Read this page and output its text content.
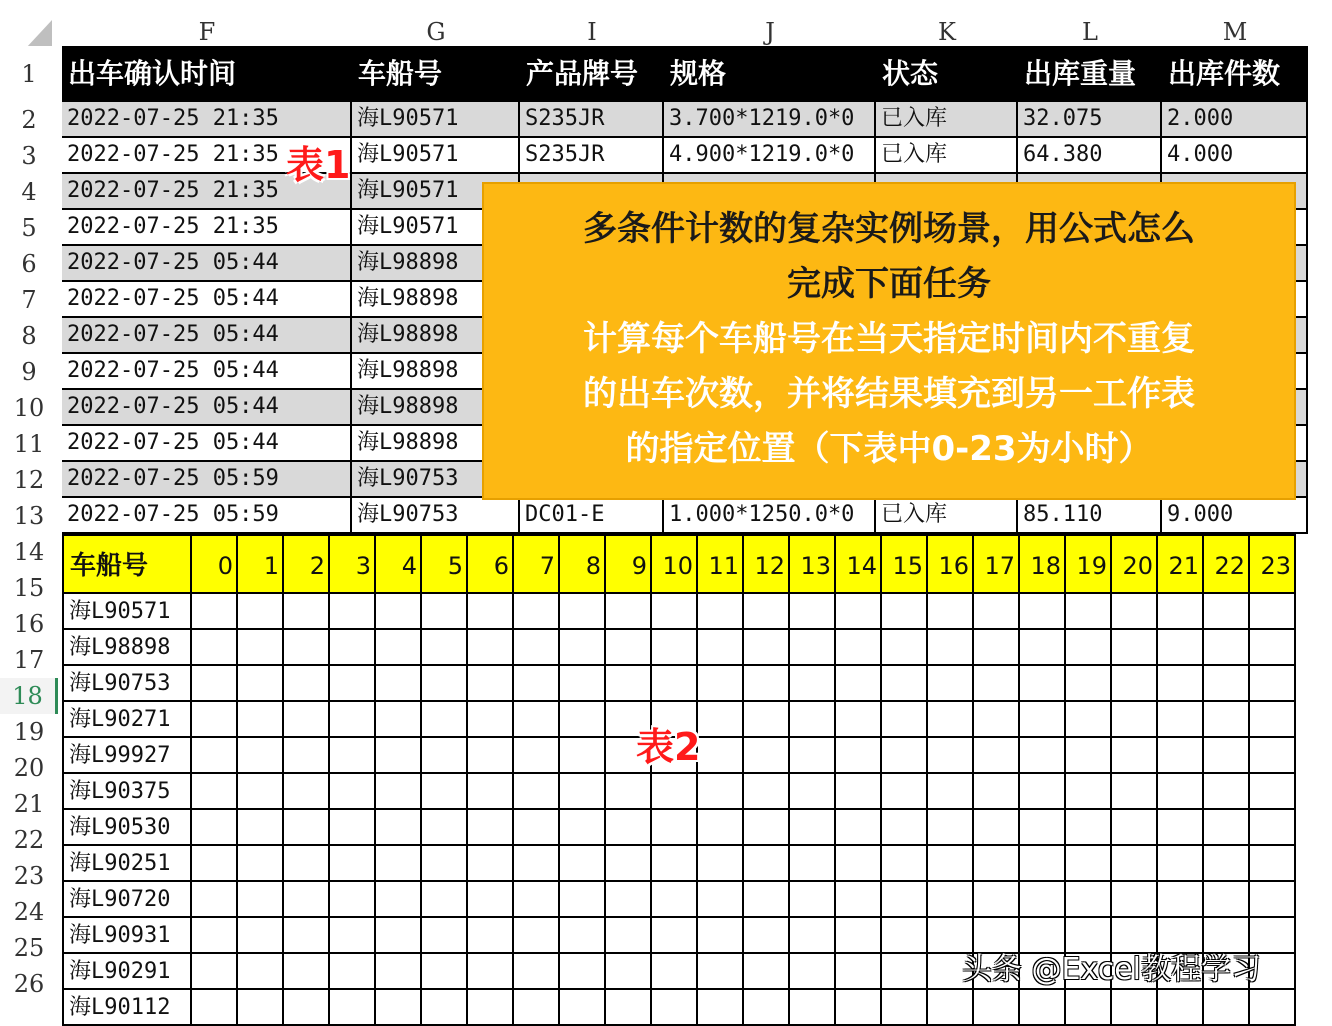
F	G	I	J	K	L	M
1
2
3
4
5
6
7
8
9
10
11
12
13
14
15
16
17
18
19
20
21
22
23
24
25
26
出车确认时间	车船号	产品牌号	规格	状态	出库重量	出库件数
2022-07-25 21:35	海L90571	S235JR	3.700*1219.0*0	已入库	32.075	2.000
2022-07-25 21:35	海L90571	S235JR	4.900*1219.0*0	已入库	64.380	4.000
2022-07-25 21:35	海L90571
2022-07-25 21:35	海L90571
2022-07-25 05:44	海L98898
2022-07-25 05:44	海L98898
2022-07-25 05:44	海L98898
2022-07-25 05:44	海L98898
2022-07-25 05:44	海L98898
2022-07-25 05:44	海L98898
2022-07-25 05:59	海L90753
2022-07-25 05:59	海L90753	DC01-E	1.000*1250.0*0	已入库	85.110	9.000
车船号	0	1	2	3	4	5	6	7	8	9 10 11 12 13 14 15 16 17 18 19 20 21 22 23
海L90571
海L98898
海L90753
海L90271
海L99927
海L90375
海L90530
海L90251
海L90720
海L90931
海L90291
海L90112
表1
表2
多条件计数的复杂实例场景，用公式怎么
完成下面任务
计算每个车船号在当天指定时间内不重复
的出车次数，并将结果填充到另一工作表
的指定位置（下表中0-23为小时）
头条 @Excel教程学习
